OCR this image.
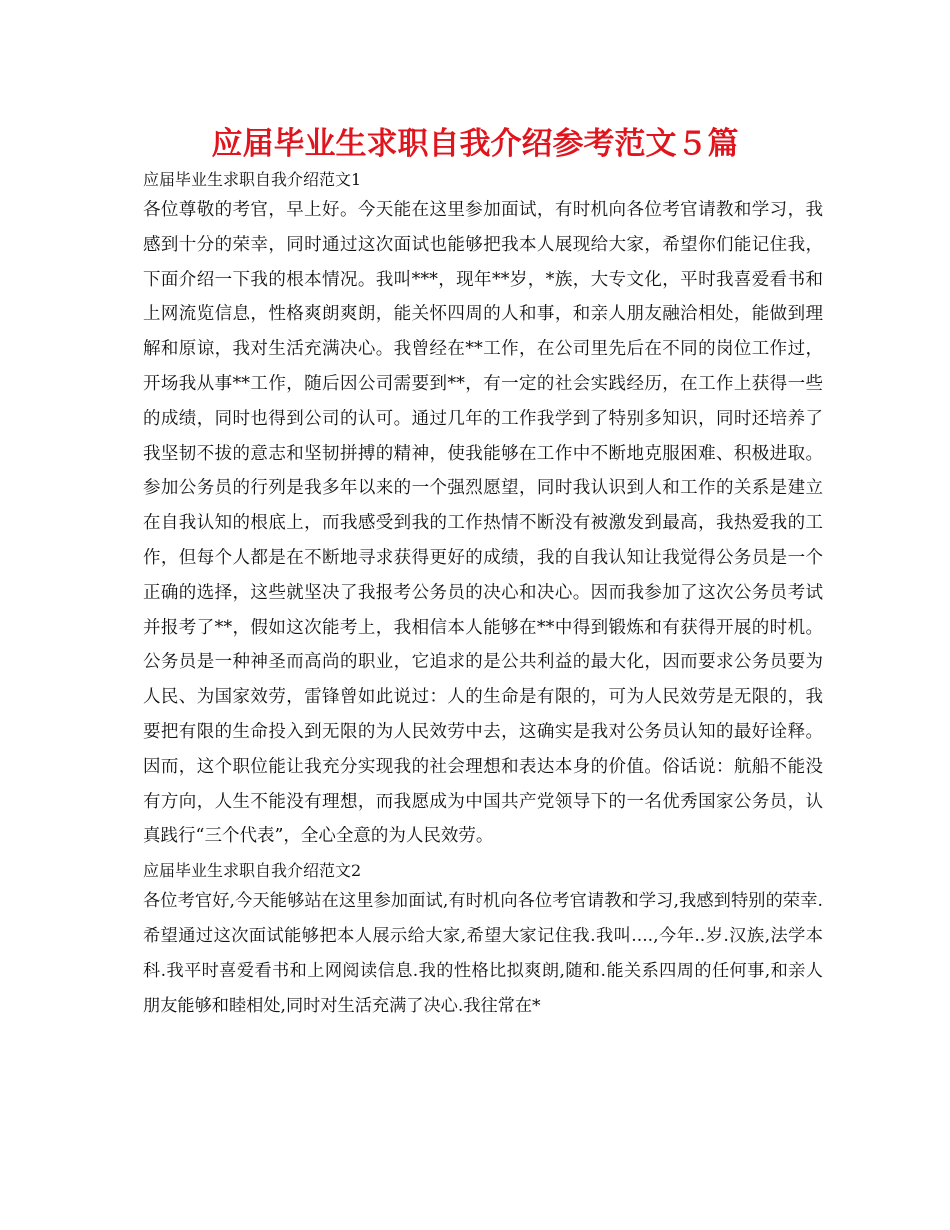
应届毕业生求职自我介绍参考范文５篇
应届毕业生求职自我介绍范文1

各位尊敬的考官，早上好。今天能在这里参加面试，有时机向各位考官请教和学习，我感到十分的荣幸，同时通过这次面试也能够把我本人展现给大家，希望你们能记住我，下面介绍一下我的根本情况。我叫***，现年**岁，*族，大专文化，平时我喜爱看书和上网流览信息，性格爽朗爽朗，能关怀四周的人和事，和亲人朋友融洽相处，能做到理解和原谅，我对生活充满决心。我曾经在**工作，在公司里先后在不同的岗位工作过，开场我从事**工作，随后因公司需要到**，有一定的社会实践经历，在工作上获得一些的成绩，同时也得到公司的认可。通过几年的工作我学到了特别多知识，同时还培养了我坚韧不拔的意志和坚韧拼搏的精神，使我能够在工作中不断地克服困难、积极进取。参加公务员的行列是我多年以来的一个强烈愿望，同时我认识到人和工作的关系是建立在自我认知的根底上，而我感受到我的工作热情不断没有被激发到最高，我热爱我的工作，但每个人都是在不断地寻求获得更好的成绩，我的自我认知让我觉得公务员是一个正确的选择，这些就坚决了我报考公务员的决心和决心。因而我参加了这次公务员考试并报考了**，假如这次能考上，我相信本人能够在**中得到锻炼和有获得开展的时机。公务员是一种神圣而高尚的职业，它追求的是公共利益的最大化，因而要求公务员要为人民、为国家效劳，雷锋曾如此说过：人的生命是有限的，可为人民效劳是无限的，我要把有限的生命投入到无限的为人民效劳中去，这确实是我对公务员认知的最好诠释。因而，这个职位能让我充分实现我的社会理想和表达本身的价值。俗话说：航船不能没有方向，人生不能没有理想，而我愿成为中国共产党领导下的一名优秀国家公务员，认真践行“三个代表”，全心全意的为人民效劳。

应届毕业生求职自我介绍范文2

各位考官好,今天能够站在这里参加面试,有时机向各位考官请教和学习,我感到特别的荣幸.希望通过这次面试能够把本人展示给大家,希望大家记住我.我叫....,今年..岁.汉族,法学本科.我平时喜爱看书和上网阅读信息.我的性格比拟爽朗,随和.能关系四周的任何事,和亲人朋友能够和睦相处,同时对生活充满了决心.我往常在*
